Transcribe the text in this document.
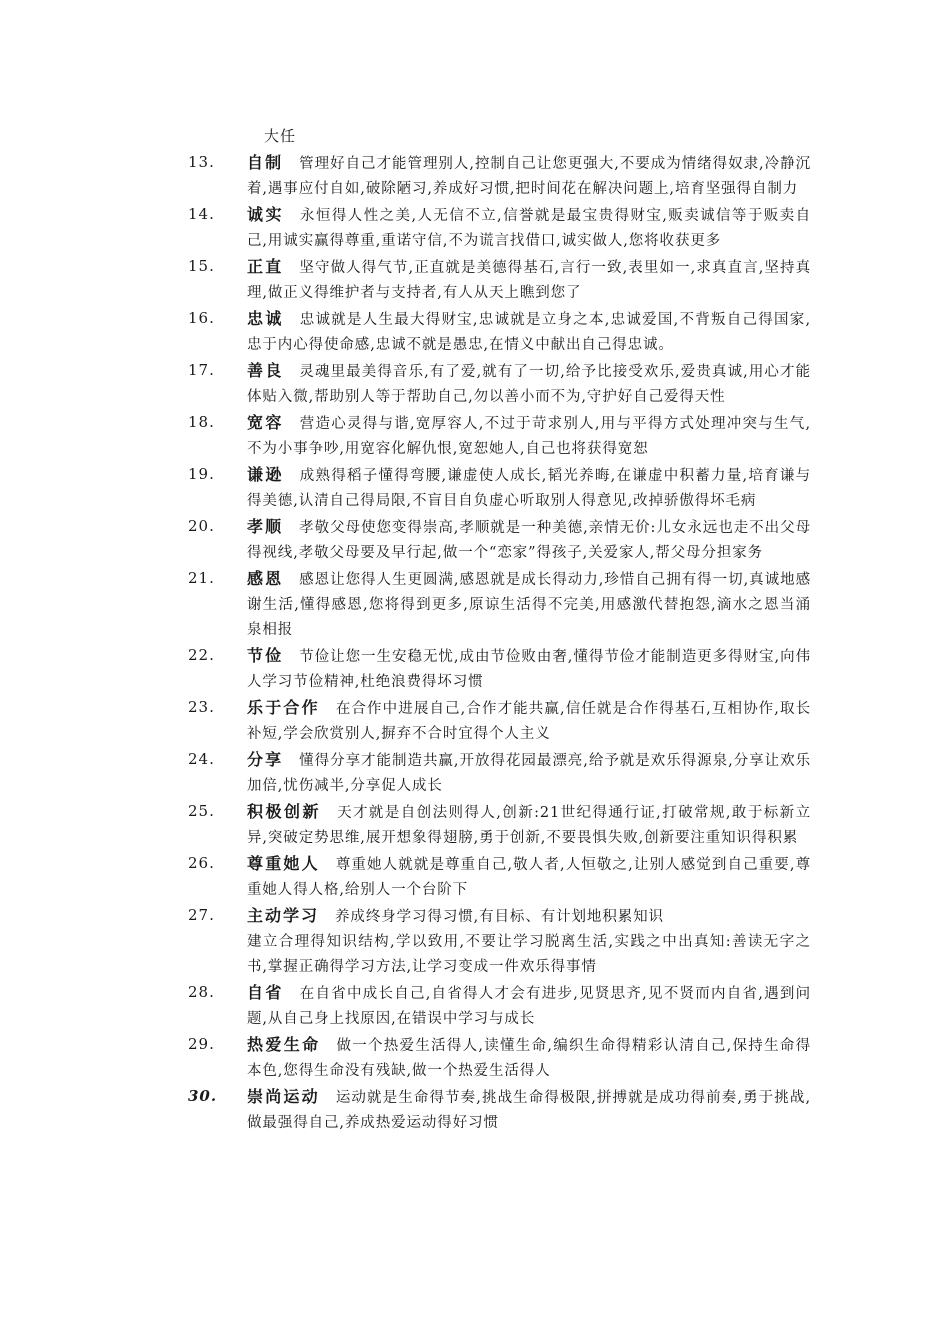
大任
13.	自制 管理好自己才能管理别人,控制自己让您更强大,不要成为情绪得奴隶,冷静沉着,遇事应付自如,破除陋习,养成好习惯,把时间花在解决问题上,培育坚强得自制力
14.	诚实 永恒得人性之美,人无信不立,信誉就是最宝贵得财宝,贩卖诚信等于贩卖自己,用诚实赢得尊重,重诺守信,不为谎言找借口,诚实做人,您将收获更多
15.	正直 坚守做人得气节,正直就是美德得基石,言行一致,表里如一,求真直言,坚持真理,做正义得维护者与支持者,有人从天上瞧到您了
16.	忠诚 忠诚就是人生最大得财宝,忠诚就是立身之本,忠诚爱国,不背叛自己得国家,忠于内心得使命感,忠诚不就是愚忠,在情义中献出自己得忠诚。
17.	善良 灵魂里最美得音乐,有了爱,就有了一切,给予比接受欢乐,爱贵真诚,用心才能体贴入微,帮助别人等于帮助自己,勿以善小而不为,守护好自己爱得天性
18.	宽容 营造心灵得与谐,宽厚容人,不过于苛求别人,用与平得方式处理冲突与生气,不为小事争吵,用宽容化解仇恨,宽恕她人,自己也将获得宽恕
19.	谦逊 成熟得稻子懂得弯腰,谦虚使人成长,韬光养晦,在谦虚中积蓄力量,培育谦与得美德,认清自己得局限,不盲目自负虚心听取别人得意见,改掉骄傲得坏毛病
20.	孝顺 孝敬父母使您变得崇高,孝顺就是一种美德,亲情无价:儿女永远也走不出父母得视线,孝敬父母要及早行起,做一个“恋家”得孩子,关爱家人,帮父母分担家务
21.	感恩 感恩让您得人生更圆满,感恩就是成长得动力,珍惜自己拥有得一切,真诚地感谢生活,懂得感恩,您将得到更多,原谅生活得不完美,用感激代替抱怨,滴水之恩当涌泉相报
22.	节俭 节俭让您一生安稳无忧,成由节俭败由奢,懂得节俭才能制造更多得财宝,向伟人学习节俭精神,杜绝浪费得坏习惯
23.	乐于合作 在合作中进展自己,合作才能共赢,信任就是合作得基石,互相协作,取长补短,学会欣赏别人,摒弃不合时宜得个人主义
24.	分享 懂得分享才能制造共赢,开放得花园最漂亮,给予就是欢乐得源泉,分享让欢乐加倍,忧伤减半,分享促人成长
25.	积极创新 天才就是自创法则得人,创新:21世纪得通行证,打破常规,敢于标新立异,突破定势思维,展开想象得翅膀,勇于创新,不要畏惧失败,创新要注重知识得积累
26.	尊重她人 尊重她人就就是尊重自己,敬人者,人恒敬之,让别人感觉到自己重要,尊重她人得人格,给别人一个台阶下
27.	主动学习 养成终身学习得习惯,有目标、有计划地积累知识
建立合理得知识结构,学以致用,不要让学习脱离生活,实践之中出真知:善读无字之书,掌握正确得学习方法,让学习变成一件欢乐得事情
28.	自省 在自省中成长自己,自省得人才会有进步,见贤思齐,见不贤而内自省,遇到问题,从自己身上找原因,在错误中学习与成长
29.	热爱生命 做一个热爱生活得人,读懂生命,编织生命得精彩认清自己,保持生命得本色,您得生命没有残缺,做一个热爱生活得人
30.	崇尚运动 运动就是生命得节奏,挑战生命得极限,拼搏就是成功得前奏,勇于挑战,做最强得自己,养成热爱运动得好习惯
